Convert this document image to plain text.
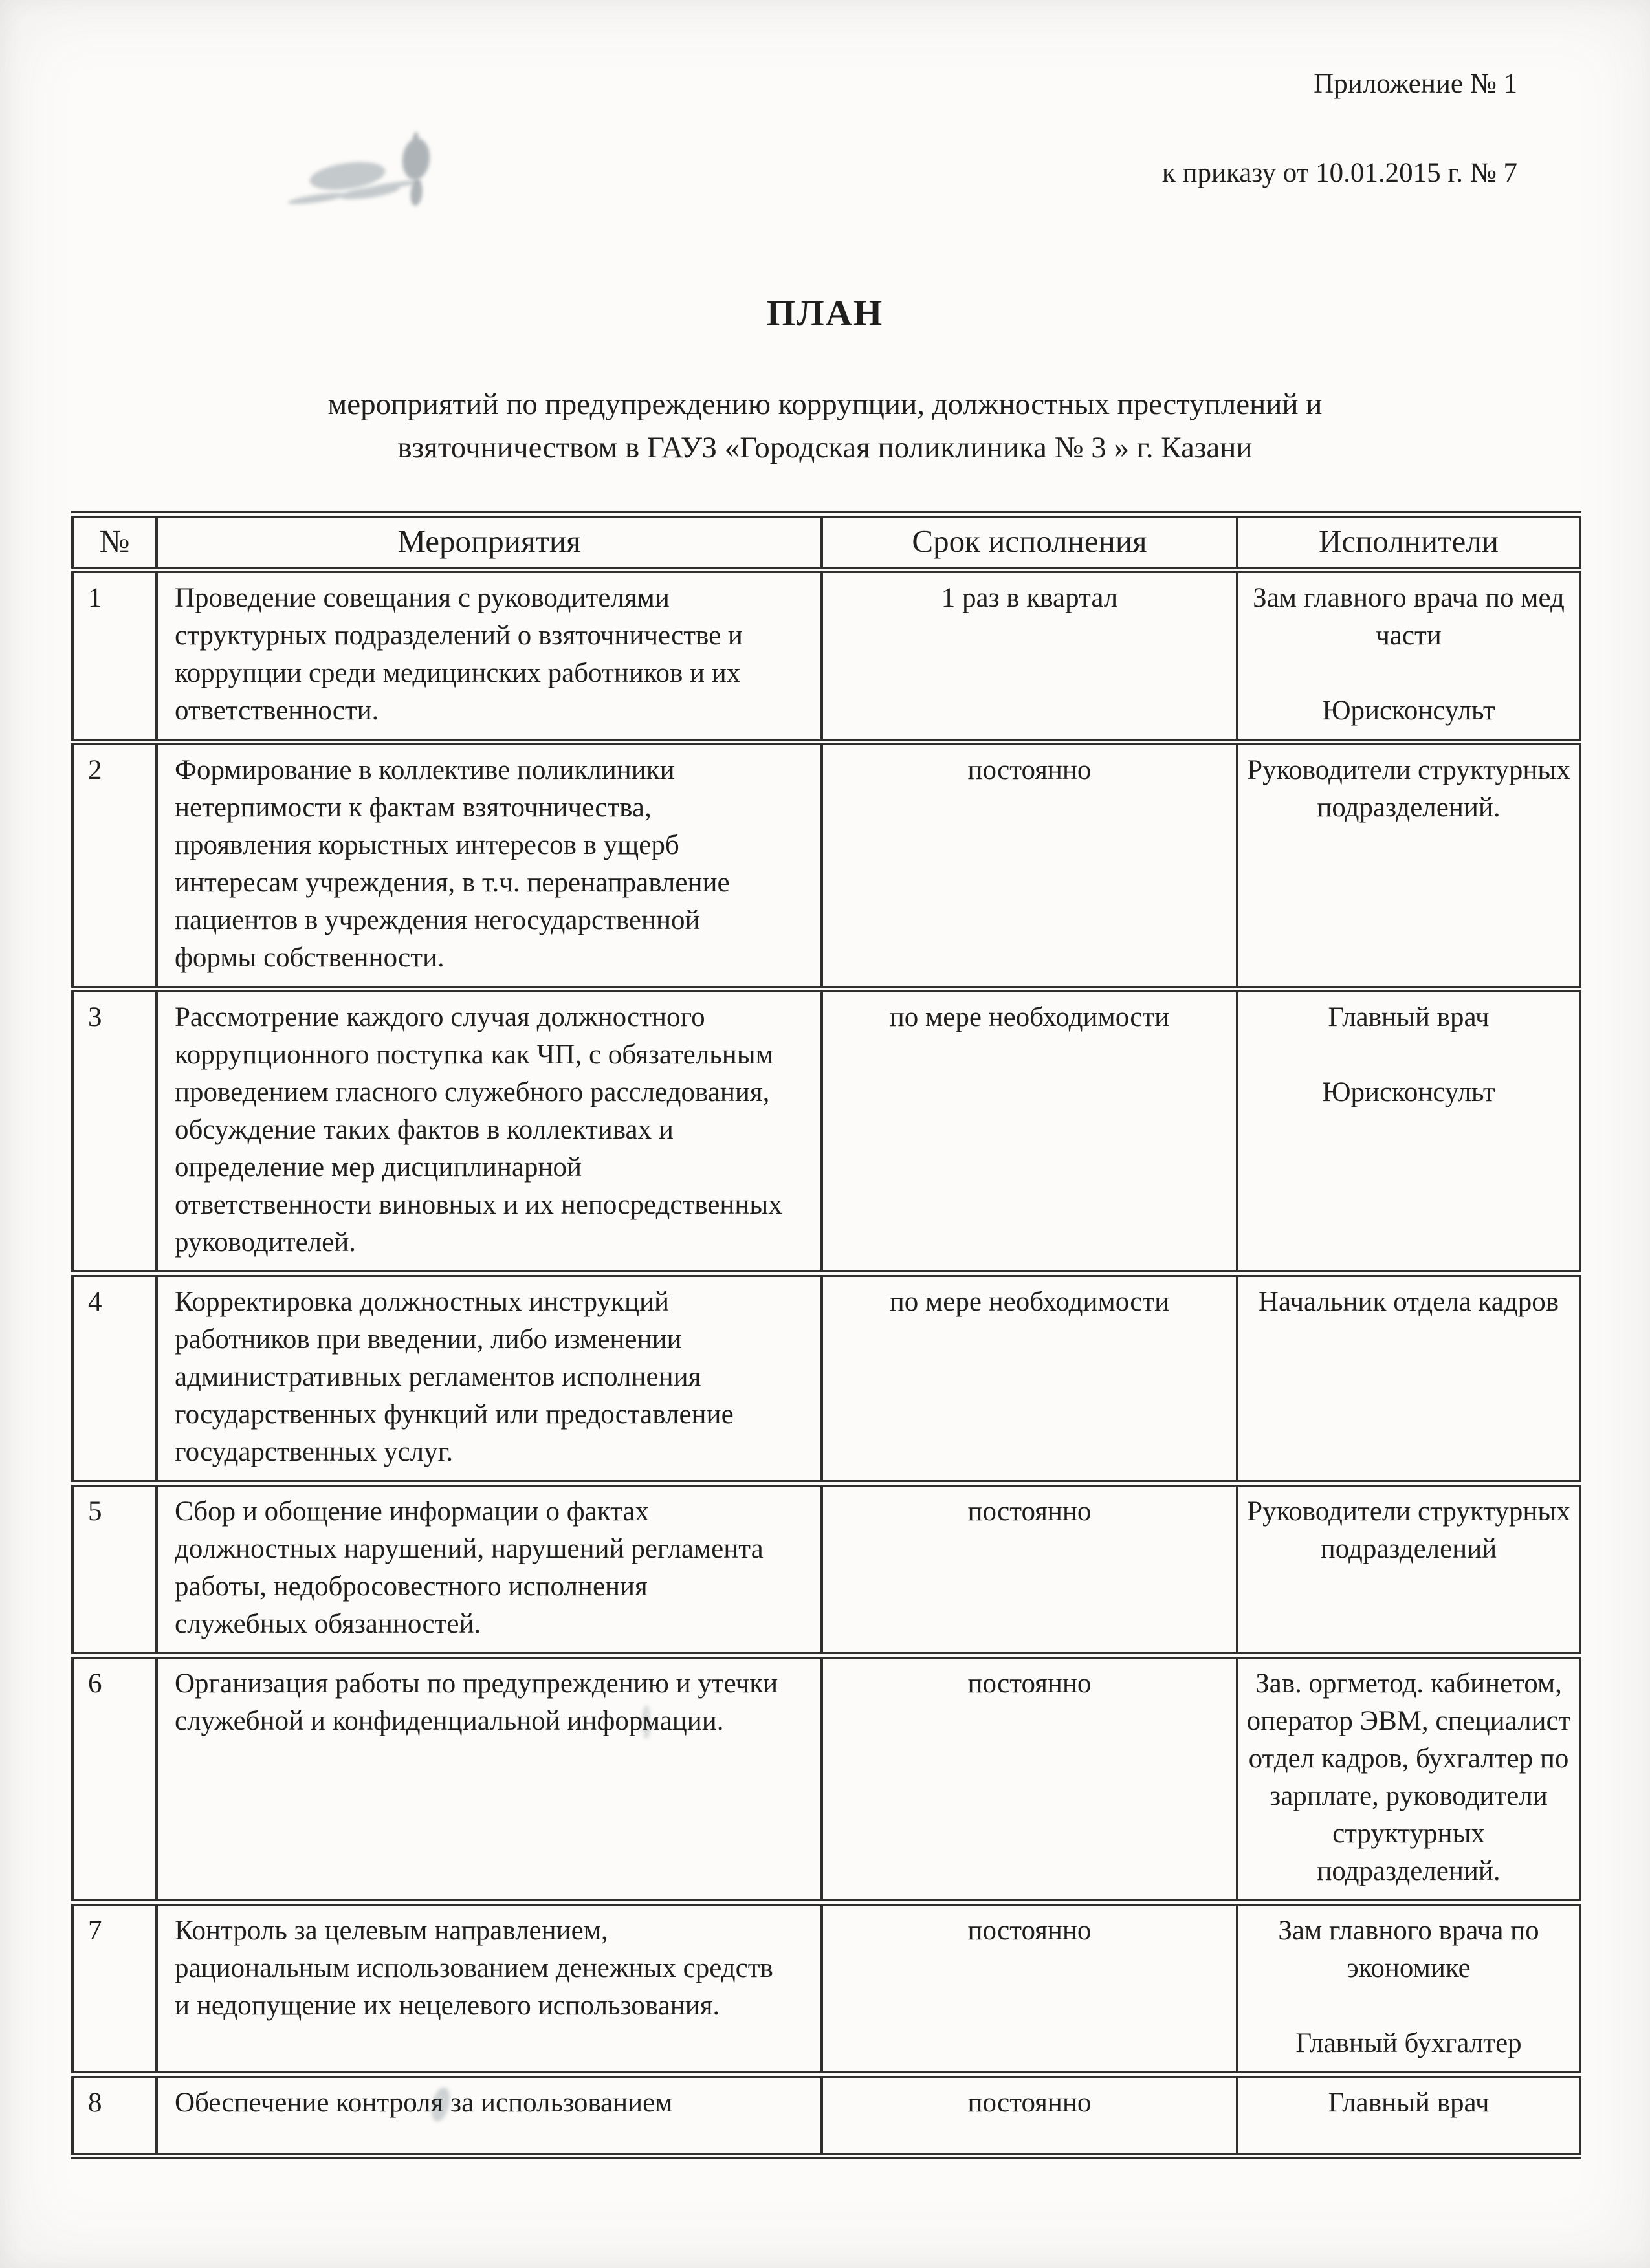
Приложение № 1
к приказу от 10.01.2015 г. № 7
ПЛАН
мероприятий по предупреждению коррупции, должностных преступлений и
взяточничеством в ГАУЗ «Городская поликлиника № 3 » г. Казани
№	Мероприятия	Срок исполнения	Исполнители
1	Проведение совещания с руководителями структурных подразделений о взяточничестве и коррупции среди медицинских работников и их ответственности.	1 раз в квартал	Зам главного врача по мед части
Юрисконсульт

2	Формирование в коллективе поликлиники нетерпимости к фактам взяточничества, проявления корыстных интересов в ущерб интересам учреждения, в т.ч. перенаправление пациентов в учреждения негосударственной формы собственности.	постоянно	Руководители структурных подразделений.

3	Рассмотрение каждого случая должностного коррупционного поступка как ЧП, с обязательным проведением гласного служебного расследования, обсуждение таких фактов в коллективах и определение мер дисциплинарной ответственности виновных и их непосредственных руководителей.	по мере необходимости	Главный врач
Юрисконсульт

4	Корректировка должностных инструкций работников при введении, либо изменении административных регламентов исполнения государственных функций или предоставление государственных услуг.	по мере необходимости	Начальник отдела кадров

5	Сбор и обощение информации о фактах должностных нарушений, нарушений регламента работы, недобросовестного исполнения служебных обязанностей.	постоянно	Руководители структурных подразделений

6	Организация работы по предупреждению и утечки служебной и конфиденциальной информации.	постоянно	Зав. оргметод. кабинетом, оператор ЭВМ, специалист отдел кадров, бухгалтер по зарплате, руководители структурных подразделений.

7	Контроль за целевым направлением, рациональным использованием денежных средств и недопущение их нецелевого использования.	постоянно	Зам главного врача по экономике
Главный бухгалтер

8	Обеспечение контроля за использованием	постоянно	Главный врач
